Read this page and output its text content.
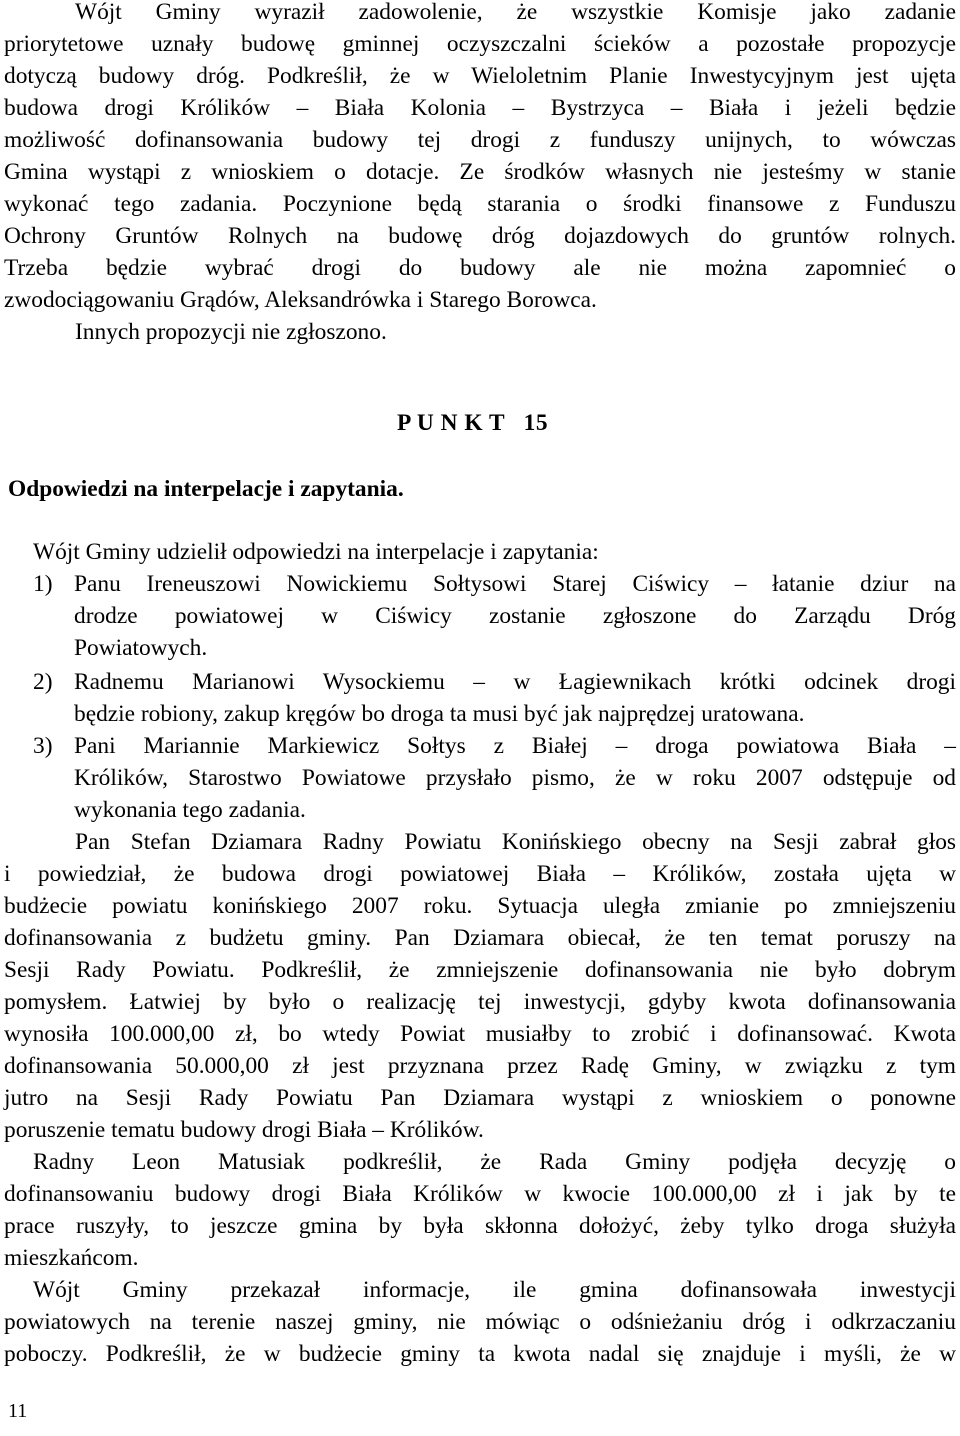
Wójt Gminy wyraził zadowolenie, że wszystkie Komisje jako zadanie
priorytetowe uznały budowę gminnej oczyszczalni ścieków a pozostałe propozycje
dotyczą budowy dróg. Podkreślił, że w Wieloletnim Planie Inwestycyjnym jest ujęta
budowa drogi Królików – Biała Kolonia – Bystrzyca – Biała i jeżeli będzie
możliwość dofinansowania budowy tej drogi z funduszy unijnych, to wówczas
Gmina wystąpi z wnioskiem o dotacje. Ze środków własnych nie jesteśmy w stanie
wykonać tego zadania. Poczynione będą starania o środki finansowe z Funduszu
Ochrony Gruntów Rolnych na budowę dróg dojazdowych do gruntów rolnych.
Trzeba będzie wybrać drogi do budowy ale nie można zapomnieć o
zwodociągowaniu Grądów, Aleksandrówka i Starego Borowca.
Innych propozycji nie zgłoszono.
P U N K T   15
Odpowiedzi na interpelacje i zapytania.
Wójt Gminy udzielił odpowiedzi na interpelacje i zapytania:
1) Panu Ireneuszowi Nowickiemu Sołtysowi Starej Ciświcy – łatanie dziur na
drodze powiatowej w Ciświcy zostanie zgłoszone do Zarządu Dróg
Powiatowych.
2) Radnemu Marianowi Wysockiemu – w Łagiewnikach krótki odcinek drogi
będzie robiony, zakup kręgów bo droga ta musi być jak najprędzej uratowana.
3) Pani Mariannie Markiewicz Sołtys z Białej – droga powiatowa Biała –
Królików, Starostwo Powiatowe przysłało pismo, że w roku 2007 odstępuje od
wykonania tego zadania.
Pan Stefan Dziamara Radny Powiatu Konińskiego obecny na Sesji zabrał głos
i powiedział, że budowa drogi powiatowej Biała – Królików, została ujęta w
budżecie powiatu konińskiego 2007 roku. Sytuacja uległa zmianie po zmniejszeniu
dofinansowania z budżetu gminy. Pan Dziamara obiecał, że ten temat poruszy na
Sesji Rady Powiatu. Podkreślił, że zmniejszenie dofinansowania nie było dobrym
pomysłem. Łatwiej by było o realizację tej inwestycji, gdyby kwota dofinansowania
wynosiła 100.000,00 zł, bo wtedy Powiat musiałby to zrobić i dofinansować. Kwota
dofinansowania 50.000,00 zł jest przyznana przez Radę Gminy, w związku z tym
jutro na Sesji Rady Powiatu Pan Dziamara wystąpi z wnioskiem o ponowne
poruszenie tematu budowy drogi Biała – Królików.
Radny Leon Matusiak podkreślił, że Rada Gminy podjęła decyzję o
dofinansowaniu budowy drogi Biała Królików w kwocie 100.000,00 zł i jak by te
prace ruszyły, to jeszcze gmina by była skłonna dołożyć, żeby tylko droga służyła
mieszkańcom.
Wójt Gminy przekazał informacje, ile gmina dofinansowała inwestycji
powiatowych na terenie naszej gminy, nie mówiąc o odśnieżaniu dróg i odkrzaczaniu
poboczy. Podkreślił, że w budżecie gminy ta kwota nadal się znajduje i myśli, że w
11
